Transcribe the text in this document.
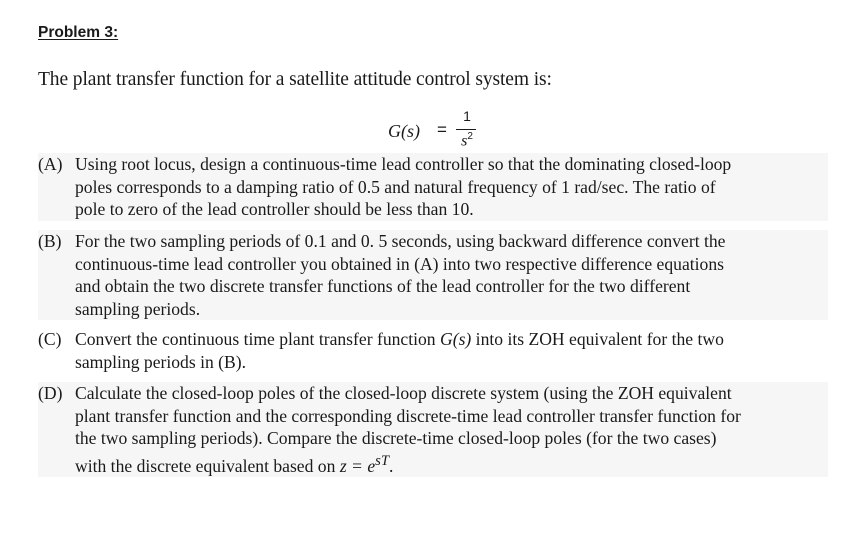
Problem 3:
The plant transfer function for a satellite attitude control system is:
G(s) =
1
$s^2$
(A) Using root locus, design a continuous-time lead controller so that the dominating closed-loop
poles corresponds to a damping ratio of 0.5 and natural frequency of 1 rad/sec. The ratio of
pole to zero of the lead controller should be less than 10.
(B) For the two sampling periods of 0.1 and 0. 5 seconds, using backward difference convert the
continuous-time lead controller you obtained in (A) into two respective difference equations
and obtain the two discrete transfer functions of the lead controller for the two different
sampling periods.
(C) Convert the continuous time plant transfer function G(s) into its ZOH equivalent for the two
sampling periods in (B).
(D) Calculate the closed-loop poles of the closed-loop discrete system (using the ZOH equivalent
plant transfer function and the corresponding discrete-time lead controller transfer function for
the two sampling periods). Compare the discrete-time closed-loop poles (for the two cases)
with the discrete equivalent based on $z = e^{sT}$.
